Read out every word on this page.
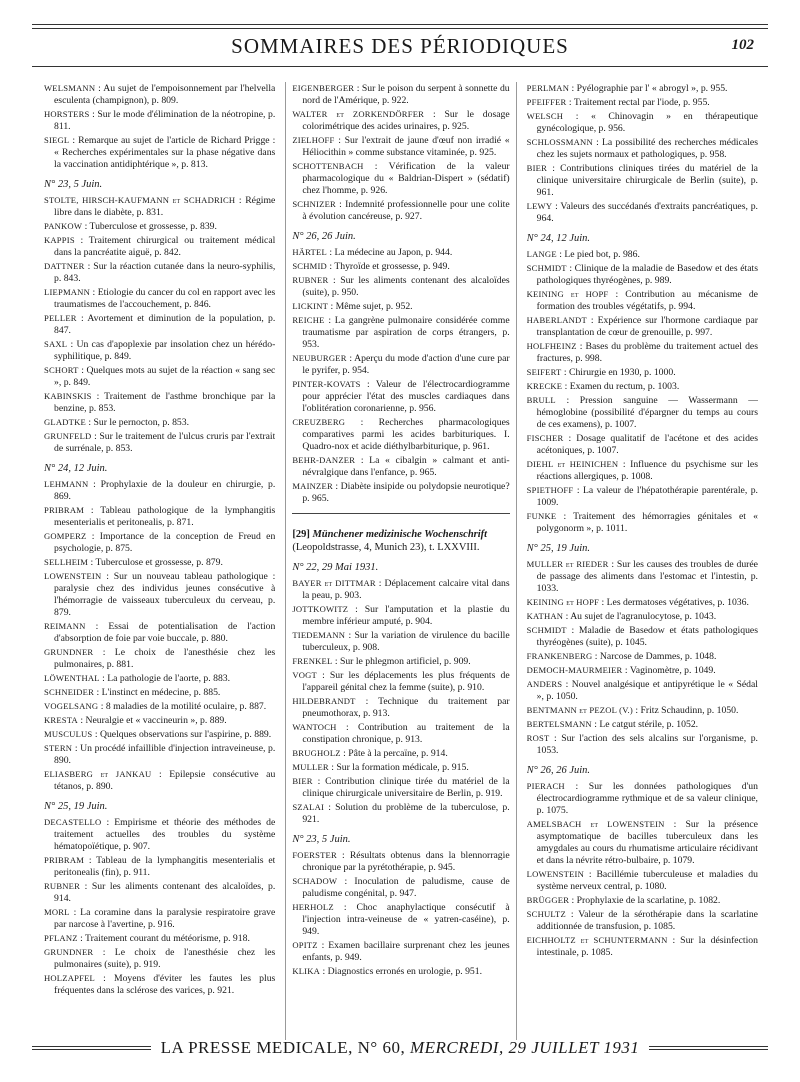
SOMMAIRES DES PÉRIODIQUES	102

WELSMANN : Au sujet de l'empoisonnement par l'helvella esculenta (champignon), p. 809.

HORSTERS : Sur le mode d'élimination de la néotropine, p. 811.

SIEGL : Remarque au sujet de l'article de Richard Prigge : « Recherches expérimentales sur la phase négative dans la vaccination antidiphtérique », p. 813.

N° 23, 5 Juin.

STOLTE, HIRSCH-KAUFMANN et SCHADRICH : Régime libre dans le diabète, p. 831.

PANKOW : Tuberculose et grossesse, p. 839.

KAPPIS : Traitement chirurgical ou traitement médical dans la pancréatite aiguë, p. 842.

DATTNER : Sur la réaction cutanée dans la neuro-syphilis, p. 843.

LIEPMANN : Etiologie du cancer du col en rapport avec les traumatismes de l'accouchement, p. 846.

PELLER : Avortement et diminution de la population, p. 847.

SAXL : Un cas d'apoplexie par insolation chez un hérédo-syphilitique, p. 849.

SCHORT : Quelques mots au sujet de la réaction « sang sec », p. 849.

KABINSKIS : Traitement de l'asthme bronchique par la benzine, p. 853.

GLADTKE : Sur le pernocton, p. 853.

GRUNFELD : Sur le traitement de l'ulcus cruris par l'extrait de surrénale, p. 853.

N° 24, 12 Juin.

LEHMANN : Prophylaxie de la douleur en chirurgie, p. 869.

PRIBRAM : Tableau pathologique de la lymphangitis mesenterialis et peritonealis, p. 871.

GOMPERZ : Importance de la conception de Freud en psychologie, p. 875.

SELLHEIM : Tuberculose et grossesse, p. 879.

LOWENSTEIN : Sur un nouveau tableau pathologique : paralysie chez des individus jeunes consécutive à l'hémorragie de vaisseaux tuberculeux du cerveau, p. 879.

REIMANN : Essai de potentialisation de l'action d'absorption de foie par voie buccale, p. 880.

GRUNDNER : Le choix de l'anesthésie chez les pulmonaires, p. 881.

LÖWENTHAL : La pathologie de l'aorte, p. 883.

SCHNEIDER : L'instinct en médecine, p. 885.

VOGELSANG : 8 maladies de la motilité oculaire, p. 887.

KRESTA : Neuralgie et « vaccineurin », p. 889.

MUSCULUS : Quelques observations sur l'aspirine, p. 889.

STERN : Un procédé infaillible d'injection intraveineuse, p. 890.

ELIASBERG et JANKAU : Epilepsie consécutive au tétanos, p. 890.

N° 25, 19 Juin.

DECASTELLO : Empirisme et théorie des méthodes de traitement actuelles des troubles du système hématopoïétique, p. 907.

PRIBRAM : Tableau de la lymphangitis mesenterialis et peritonealis (fin), p. 911.

RUBNER : Sur les aliments contenant des alcaloïdes, p. 914.

MORL : La coramine dans la paralysie respiratoire grave par narcose à l'avertine, p. 916.

PFLANZ : Traitement courant du météorisme, p. 918.

GRUNDNER : Le choix de l'anesthésie chez les pulmonaires (suite), p. 919.

HOLZAPFEL : Moyens d'éviter les fautes les plus fréquentes dans la sclérose des varices, p. 921.

EIGENBERGER : Sur le poison du serpent à sonnette du nord de l'Amérique, p. 922.

WALTER et ZORKENDÖRFER : Sur le dosage colorimétrique des acides urinaires, p. 925.

ZIELHOFF : Sur l'extrait de jaune d'œuf non irradié « Héliocithin » comme substance vitaminée, p. 925.

SCHOTTENBACH : Vérification de la valeur pharmacologique du « Baldrian-Dispert » (sédatif) chez l'homme, p. 926.

SCHNIZER : Indemnité professionnelle pour une colite à évolution cancéreuse, p. 927.

N° 26, 26 Juin.

HÄRTEL : La médecine au Japon, p. 944.

SCHMID : Thyroïde et grossesse, p. 949.

RUBNER : Sur les aliments contenant des alcaloïdes (suite), p. 950.

LICKINT : Même sujet, p. 952.

REICHE : La gangrène pulmonaire considérée comme traumatisme par aspiration de corps étrangers, p. 953.

NEUBURGER : Aperçu du mode d'action d'une cure par le pyrifer, p. 954.

PINTER-KOVATS : Valeur de l'électrocardiogramme pour apprécier l'état des muscles cardiaques dans l'oblitération coronarienne, p. 956.

CREUZBERG : Recherches pharmacologiques comparatives parmi les acides barbituriques. I. Quadro-nox et acide diéthylbarbiturique, p. 961.

BEHR-DANZER : La « cibalgin » calmant et anti-névralgique dans l'enfance, p. 965.

MAINZER : Diabète insipide ou polydopsie neurotique? p. 965.

[29] Münchener medizinische Wochenschrift (Leopoldstrasse, 4, Munich 23), t. LXXVIII.
N° 22, 29 Mai 1931.

BAYER et DITTMAR : Déplacement calcaire vital dans la peau, p. 903.

JOTTKOWITZ : Sur l'amputation et la plastie du membre inférieur amputé, p. 904.

TIEDEMANN : Sur la variation de virulence du bacille tuberculeux, p. 908.

FRENKEL : Sur le phlegmon artificiel, p. 909.

VOGT : Sur les déplacements les plus fréquents de l'appareil génital chez la femme (suite), p. 910.

HILDEBRANDT : Technique du traitement par pneumothorax, p. 913.

WANTOCH : Contribution au traitement de la constipation chronique, p. 913.

BRUGHOLZ : Pâte à la percaïne, p. 914.

MULLER : Sur la formation médicale, p. 915.

BIER : Contribution clinique tirée du matériel de la clinique chirurgicale universitaire de Berlin, p. 919.

SZALAI : Solution du problème de la tuberculose, p. 921.

N° 23, 5 Juin.

FOERSTER : Résultats obtenus dans la blennorragie chronique par la pyrétothérapie, p. 945.

SCHADOW : Inoculation de paludisme, cause de paludisme congénital, p. 947.

HERHOLZ : Choc anaphylactique consécutif à l'injection intra-veineuse de « yatren-caséine), p. 949.

OPITZ : Examen bacillaire surprenant chez les jeunes enfants, p. 949.

KLIKA : Diagnostics erronés en urologie, p. 951.

PERLMAN : Pyélographie par l' « abrogyl », p. 955.

PFEIFFER : Traitement rectal par l'iode, p. 955.

WELSCH : « Chinovagin » en thérapeutique gynécologique, p. 956.

SCHLOSSMANN : La possibilité des recherches médicales chez les sujets normaux et pathologiques, p. 958.

BIER : Contributions cliniques tirées du matériel de la clinique universitaire chirurgicale de Berlin (suite), p. 961.

LEWY : Valeurs des succédanés d'extraits pancréatiques, p. 964.

N° 24, 12 Juin.

LANGE : Le pied bot, p. 986.

SCHMIDT : Clinique de la maladie de Basedow et des états pathologiques thyréogènes, p. 989.

KEINING et HOPF : Contribution au mécanisme de formation des troubles végétatifs, p. 994.

HABERLANDT : Expérience sur l'hormone cardiaque par transplantation de cœur de grenouille, p. 997.

HOLFHEINZ : Bases du problème du traitement actuel des fractures, p. 998.

SEIFERT : Chirurgie en 1930, p. 1000.

KRECKE : Examen du rectum, p. 1003.

BRULL : Pression sanguine — Wassermann — hémoglobine (possibilité d'épargner du temps au cours de ces examens), p. 1007.

FISCHER : Dosage qualitatif de l'acétone et des acides acétoniques, p. 1007.

DIEHL et HEINICHEN : Influence du psychisme sur les réactions allergiques, p. 1008.

SPIETHOFF : La valeur de l'hépatothérapie parentérale, p. 1009.

FUNKE : Traitement des hémorragies génitales et « polygonorm », p. 1011.

N° 25, 19 Juin.

MULLER et RIEDER : Sur les causes des troubles de durée de passage des aliments dans l'estomac et l'intestin, p. 1033.

KEINING et HOPF : Les dermatoses végétatives, p. 1036.

KATHAN : Au sujet de l'agranulocytose, p. 1043.

SCHMIDT : Maladie de Basedow et états pathologiques thyréogènes (suite), p. 1045.

FRANKENBERG : Narcose de Dammes, p. 1048.

DEMOCH-MAURMEIER : Vaginomètre, p. 1049.

ANDERS : Nouvel analgésique et antipyrétique le « Sédal », p. 1050.

BENTMANN et PEZOL (V.) : Fritz Schaudinn, p. 1050.

BERTELSMANN : Le catgut stérile, p. 1052.

ROST : Sur l'action des sels alcalins sur l'organisme, p. 1053.

N° 26, 26 Juin.

PIERACH : Sur les données pathologiques d'un électrocardiogramme rythmique et de sa valeur clinique, p. 1075.

AMELSBACH et LOWENSTEIN : Sur la présence asymptomatique de bacilles tuberculeux dans les amygdales au cours du rhumatisme articulaire récidivant et dans la névrite rétro-bulbaire, p. 1079.

LOWENSTEIN : Bacillémie tuberculeuse et maladies du système nerveux central, p. 1080.

BRÜGGER : Prophylaxie de la scarlatine, p. 1082.

SCHULTZ : Valeur de la sérothérapie dans la scarlatine additionnée de transfusion, p. 1085.

EICHHOLTZ et SCHUNTERMANN : Sur la désinfection intestinale, p. 1085.

LA PRESSE MEDICALE, N° 60, MERCREDI, 29 JUILLET 1931
